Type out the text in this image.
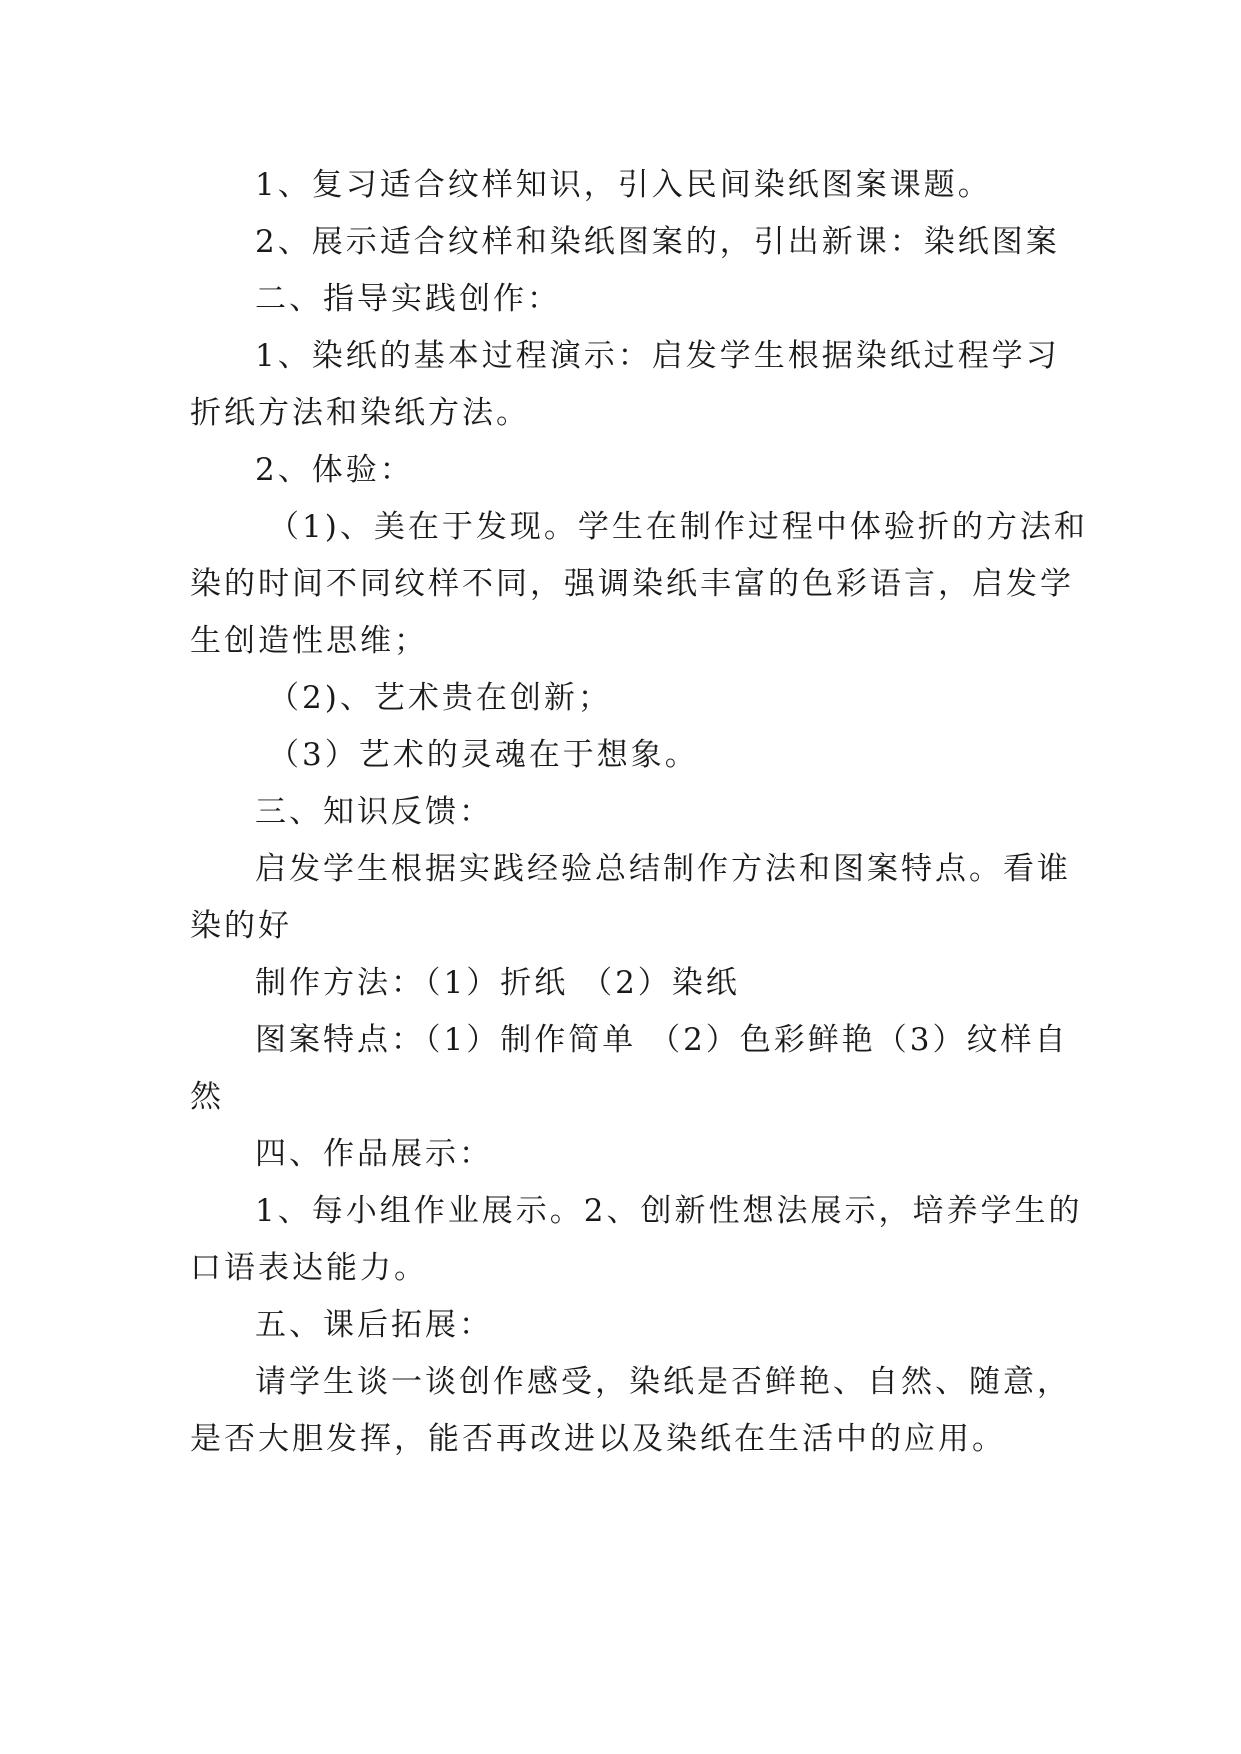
1、复习适合纹样知识，引入民间染纸图案课题。
2、展示适合纹样和染纸图案的，引出新课：染纸图案
二、指导实践创作：
1、染纸的基本过程演示：启发学生根据染纸过程学习
折纸方法和染纸方法。
2、体验：
（1)、美在于发现。学生在制作过程中体验折的方法和
染的时间不同纹样不同，强调染纸丰富的色彩语言，启发学
生创造性思维；
（2)、艺术贵在创新；
（3）艺术的灵魂在于想象。
三、知识反馈：
启发学生根据实践经验总结制作方法和图案特点。看谁
染的好
制作方法：（1）折纸 （2）染纸
图案特点：（1）制作简单 （2）色彩鲜艳（3）纹样自
然
四、作品展示：
1、每小组作业展示。2、创新性想法展示，培养学生的
口语表达能力。
五、课后拓展：
请学生谈一谈创作感受，染纸是否鲜艳、自然、随意，
是否大胆发挥，能否再改进以及染纸在生活中的应用。
